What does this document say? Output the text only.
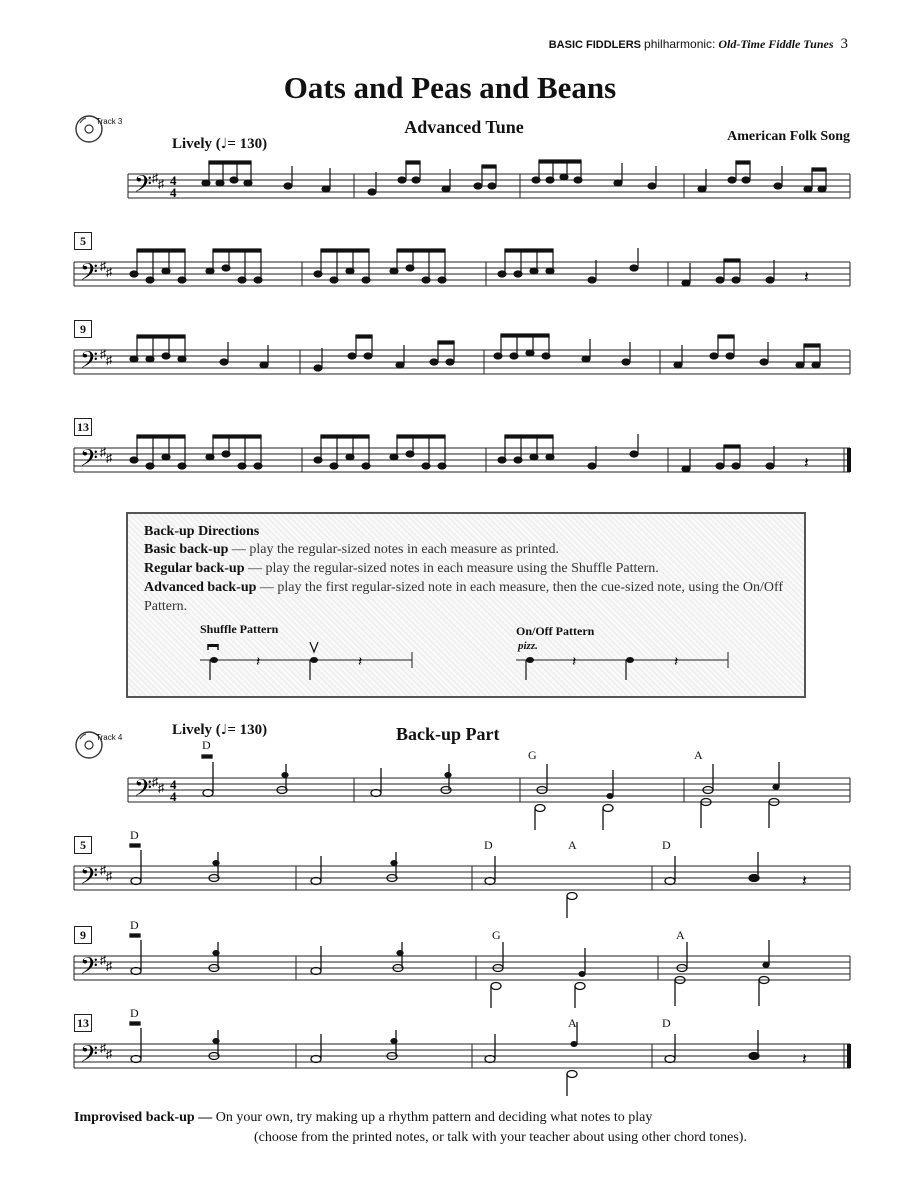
BASIC FIDDLERS philharmonic: Old-Time Fiddle Tunes 3
Oats and Peas and Beans
Track 3	Advanced Tune	American Folk Song
Lively (♩= 130)
𝄢 ♯ ♯ 4
4
5
𝄢 ♯ ♯	𝄽
9
𝄢 ♯ ♯
13
𝄢 ♯ ♯	𝄽
Back-up Directions

Basic back-up — play the regular-sized notes in each measure as printed.

Regular back-up — play the regular-sized notes in each measure using the Shuffle Pattern.

Advanced back-up — play the first regular-sized note in each measure, then the cue-sized note, using the On/Off Pattern.

Shuffle Pattern
𝄽	𝄽
On/Off Pattern
pizz.
𝄽	𝄽
Track 4	Lively (♩= 130)	Back-up Part
D
G	A
𝄢 ♯ ♯ 4
4
5
D
D	A	D
𝄢 ♯ ♯	𝄽
9
D
G	A
𝄢 ♯ ♯
13
D
A	D
𝄢 ♯ ♯	𝄽
Improvised back-up — On your own, try making up a rhythm pattern and deciding what notes to play
(choose from the printed notes, or talk with your teacher about using other chord tones).
